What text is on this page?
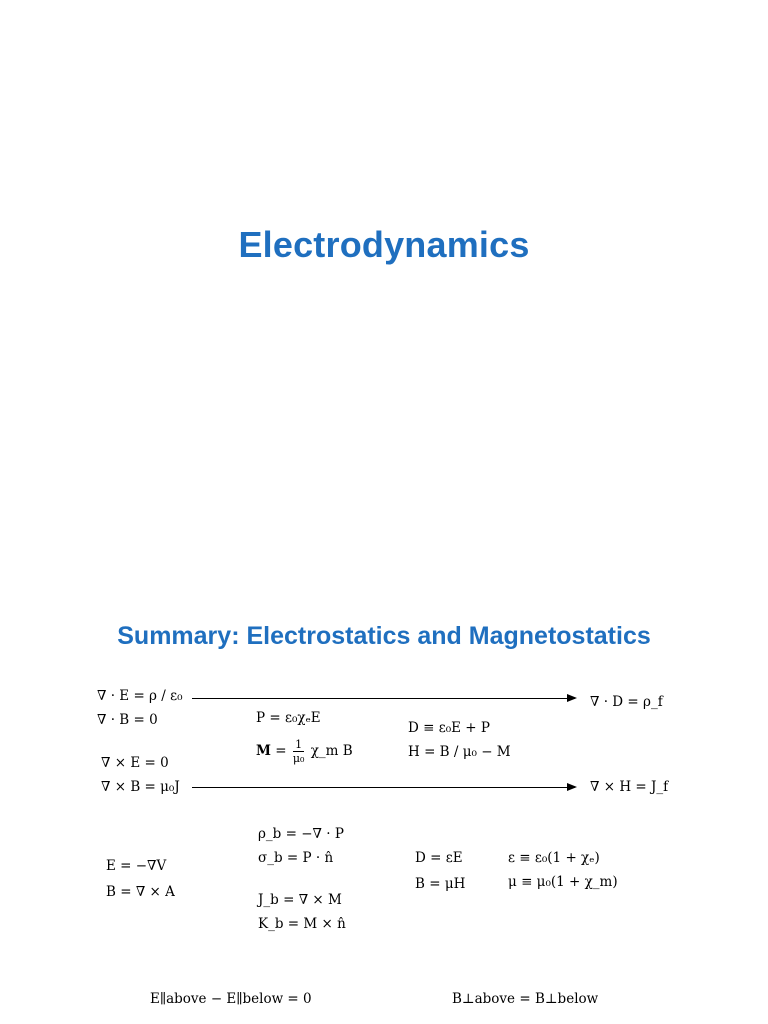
Electrodynamics
Summary: Electrostatics and Magnetostatics
∇ · E = ρ / ε₀	∇ · D = ρ_f
∇ · B = 0	P = ε₀χₑE
D ≡ ε₀E + P
$M = \frac{1}{\text{μ₀}}$ χ_m B	H = B / μ₀ − M
∇ × E = 0
∇ × B = μ₀J	∇ × H = J_f
ρ_b = −∇ · P
σ_b = P · n̂
E = −∇V
B = ∇ × A
D = εE	ε ≡ ε₀(1 + χₑ)
B = μH	μ ≡ μ₀(1 + χ_m)
J_b = ∇ × M
K_b = M × n̂
E∥above − E∥below = 0	B⊥above = B⊥below
